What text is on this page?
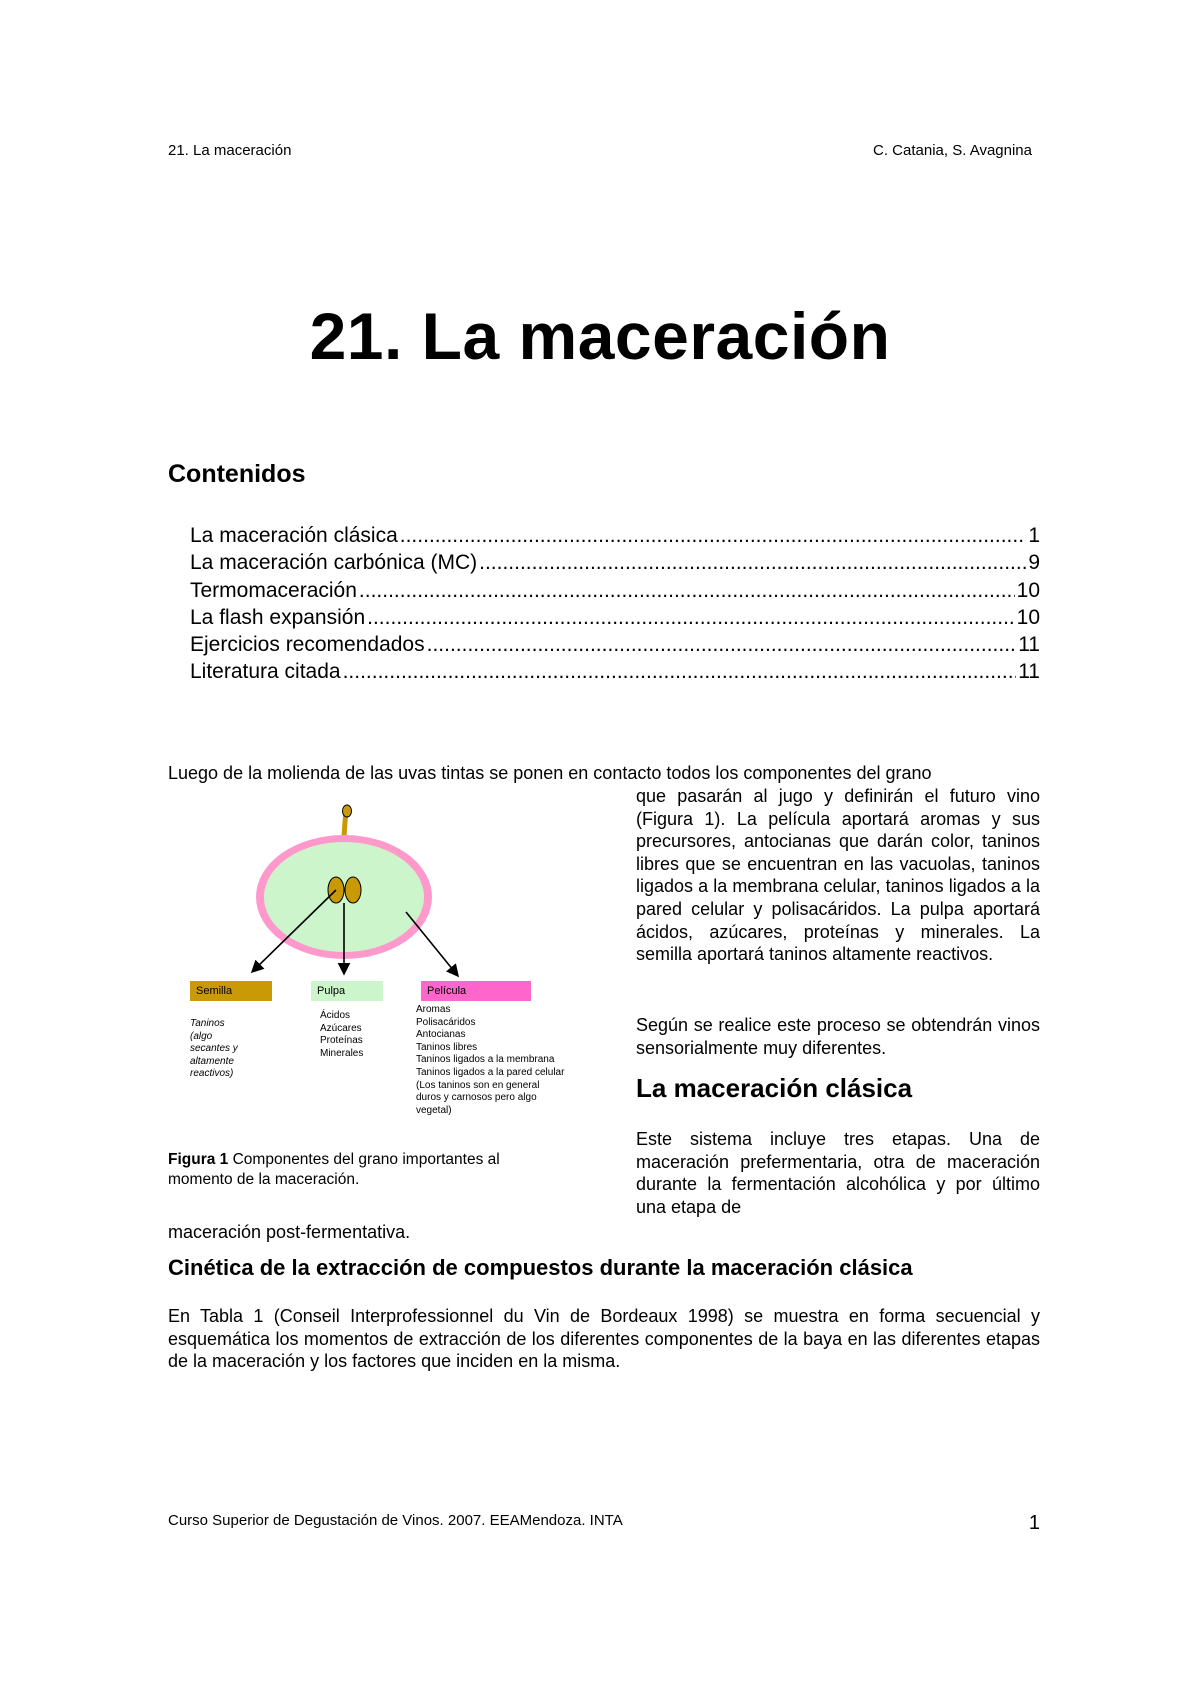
21. La maceración	C. Catania, S. Avagnina
21. La maceración
Contenidos
La maceración clásica .....	1
La maceración carbónica (MC) .....	9
Termomaceración .....	10
La flash expansión .....	10
Ejercicios recomendados .....	11
Literatura citada .....	11

Luego de la molienda de las uvas tintas se ponen en contacto todos los componentes del grano

que pasarán al jugo y definirán el futuro vino (Figura 1). La película aportará aromas y sus precursores, antocianas que darán color, taninos libres que se encuentran en las vacuolas, taninos ligados a la membrana celular, taninos ligados a la pared celular y polisacáridos. La pulpa aportará ácidos, azúcares, proteínas y minerales. La semilla aportará taninos altamente reactivos.

Según se realice este proceso se obtendrán vinos sensorialmente muy diferentes.

La maceración clásica

Este sistema incluye tres etapas. Una de maceración prefermentaria, otra de maceración durante la fermentación alcohólica y por último una etapa de

Semilla	Pulpa	Película
Taninos
(algo
secantes y
altamente
reactivos)
Ácidos
Azúcares
Proteínas
Minerales
Aromas
Polisacáridos
Antocianas
Taninos libres
Taninos ligados a la membrana
Taninos ligados a la pared celular
(Los taninos son en general
duros y carnosos pero algo
vegetal)

Figura 1 Componentes del grano importantes al momento de la maceración.

maceración post-fermentativa.

Cinética de la extracción de compuestos durante la maceración clásica

En Tabla 1 (Conseil Interprofessionnel du Vin de Bordeaux 1998) se muestra en forma secuencial y esquemática los momentos de extracción de los diferentes componentes de la baya en las diferentes etapas de la maceración y los factores que inciden en la misma.

Curso Superior de Degustación de Vinos. 2007. EEAMendoza. INTA	1
